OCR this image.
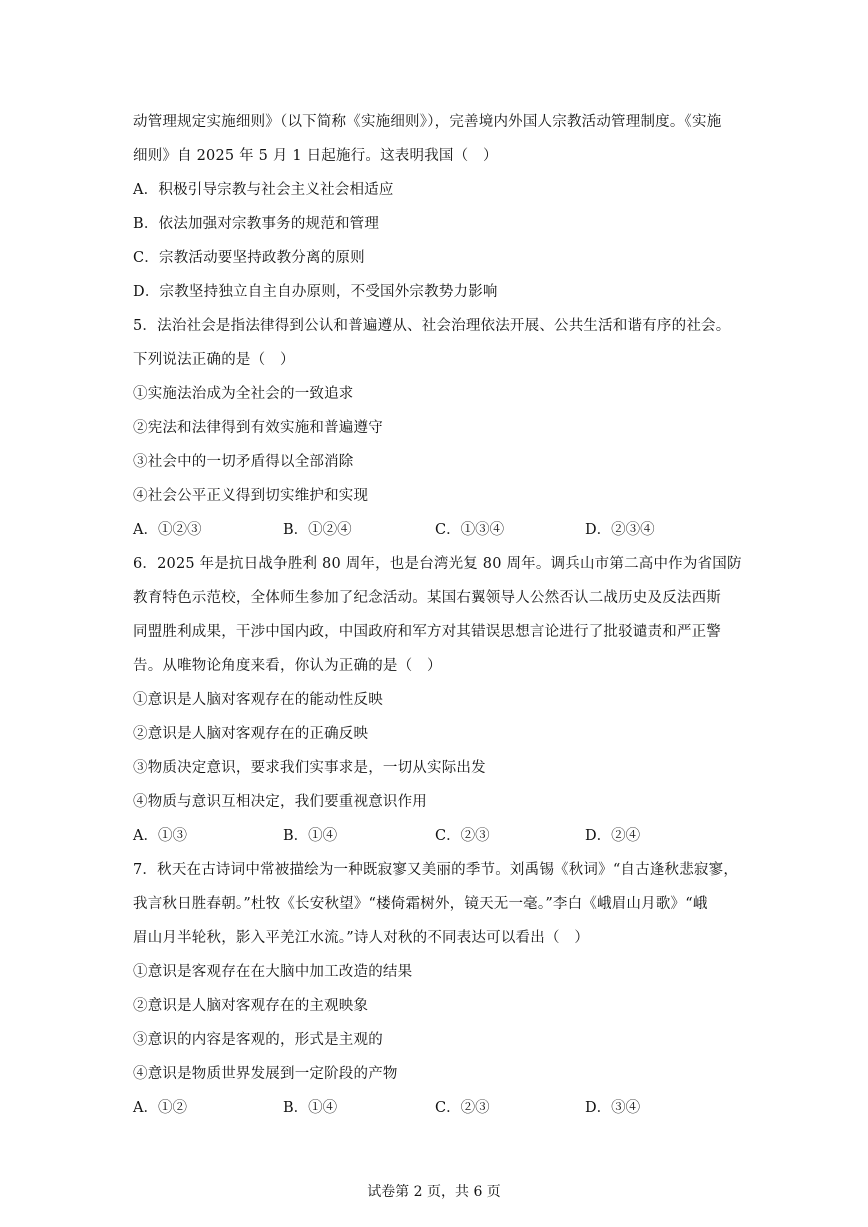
动管理规定实施细则》（以下简称《实施细则》），完善境内外国人宗教活动管理制度。《实施
细则》自 2025 年 5 月 1 日起施行。这表明我国（　）
A．积极引导宗教与社会主义社会相适应
B．依法加强对宗教事务的规范和管理
C．宗教活动要坚持政教分离的原则
D．宗教坚持独立自主自办原则，不受国外宗教势力影响
5．法治社会是指法律得到公认和普遍遵从、社会治理依法开展、公共生活和谐有序的社会。
下列说法正确的是（　）
①实施法治成为全社会的一致追求
②宪法和法律得到有效实施和普遍遵守
③社会中的一切矛盾得以全部消除
④社会公平正义得到切实维护和实现
A．①②③	B．①②④	C．①③④	D．②③④
6．2025 年是抗日战争胜利 80 周年，也是台湾光复 80 周年。调兵山市第二高中作为省国防
教育特色示范校，全体师生参加了纪念活动。某国右翼领导人公然否认二战历史及反法西斯
同盟胜利成果，干涉中国内政，中国政府和军方对其错误思想言论进行了批驳谴责和严正警
告。从唯物论角度来看，你认为正确的是（　）
①意识是人脑对客观存在的能动性反映
②意识是人脑对客观存在的正确反映
③物质决定意识，要求我们实事求是，一切从实际出发
④物质与意识互相决定，我们要重视意识作用
A．①③	B．①④	C．②③	D．②④
7．秋天在古诗词中常被描绘为一种既寂寥又美丽的季节。刘禹锡《秋词》“自古逢秋悲寂寥，
我言秋日胜春朝。”杜牧《长安秋望》“楼倚霜树外，镜天无一毫。”李白《峨眉山月歌》“峨
眉山月半轮秋，影入平羌江水流。”诗人对秋的不同表达可以看出（　）
①意识是客观存在在大脑中加工改造的结果
②意识是人脑对客观存在的主观映象
③意识的内容是客观的，形式是主观的
④意识是物质世界发展到一定阶段的产物
A．①②	B．①④	C．②③	D．③④
试卷第 2 页，共 6 页
